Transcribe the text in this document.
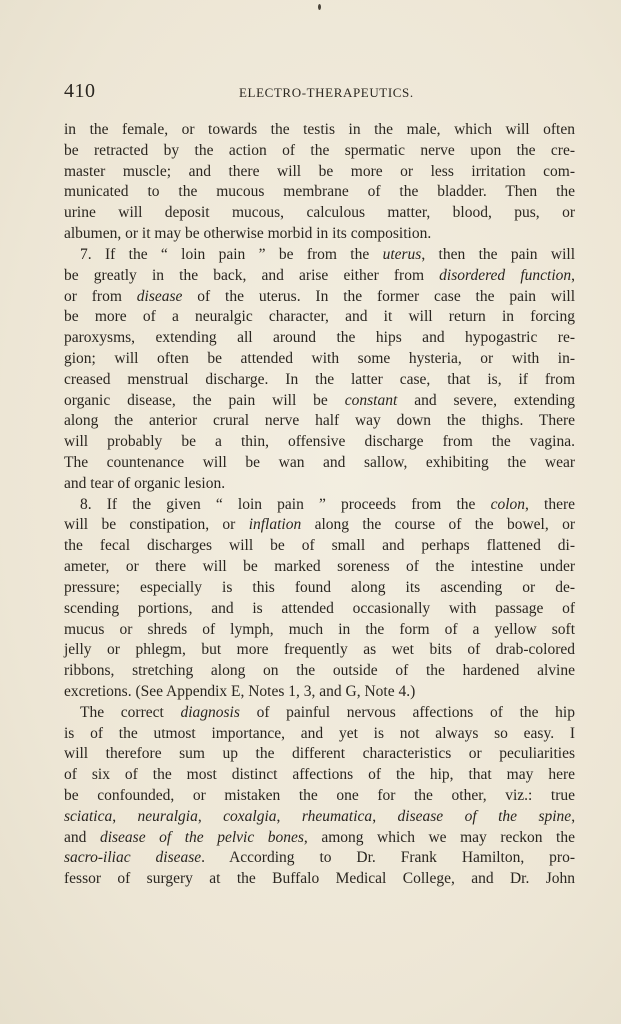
410	ELECTRO-THERAPEUTICS.
in the female, or towards the testis in the male, which will often
be retracted by the action of the spermatic nerve upon the cre-
master muscle; and there will be more or less irritation com-
municated to the mucous membrane of the bladder. Then the
urine will deposit mucous, calculous matter, blood, pus, or
albumen, or it may be otherwise morbid in its composition.
7. If the “ loin pain ” be from the uterus, then the pain will
be greatly in the back, and arise either from disordered function,
or from disease of the uterus. In the former case the pain will
be more of a neuralgic character, and it will return in forcing
paroxysms, extending all around the hips and hypogastric re-
gion; will often be attended with some hysteria, or with in-
creased menstrual discharge. In the latter case, that is, if from
organic disease, the pain will be constant and severe, extending
along the anterior crural nerve half way down the thighs. There
will probably be a thin, offensive discharge from the vagina.
The countenance will be wan and sallow, exhibiting the wear
and tear of organic lesion.
8. If the given “ loin pain ” proceeds from the colon, there
will be constipation, or inflation along the course of the bowel, or
the fecal discharges will be of small and perhaps flattened di-
ameter, or there will be marked soreness of the intestine under
pressure; especially is this found along its ascending or de-
scending portions, and is attended occasionally with passage of
mucus or shreds of lymph, much in the form of a yellow soft
jelly or phlegm, but more frequently as wet bits of drab-colored
ribbons, stretching along on the outside of the hardened alvine
excretions. (See Appendix E, Notes 1, 3, and G, Note 4.)
The correct diagnosis of painful nervous affections of the hip
is of the utmost importance, and yet is not always so easy. I
will therefore sum up the different characteristics or peculiarities
of six of the most distinct affections of the hip, that may here
be confounded, or mistaken the one for the other, viz.: true
sciatica, neuralgia, coxalgia, rheumatica, disease of the spine,
and disease of the pelvic bones, among which we may reckon the
sacro-iliac disease. According to Dr. Frank Hamilton, pro-
fessor of surgery at the Buffalo Medical College, and Dr. John
